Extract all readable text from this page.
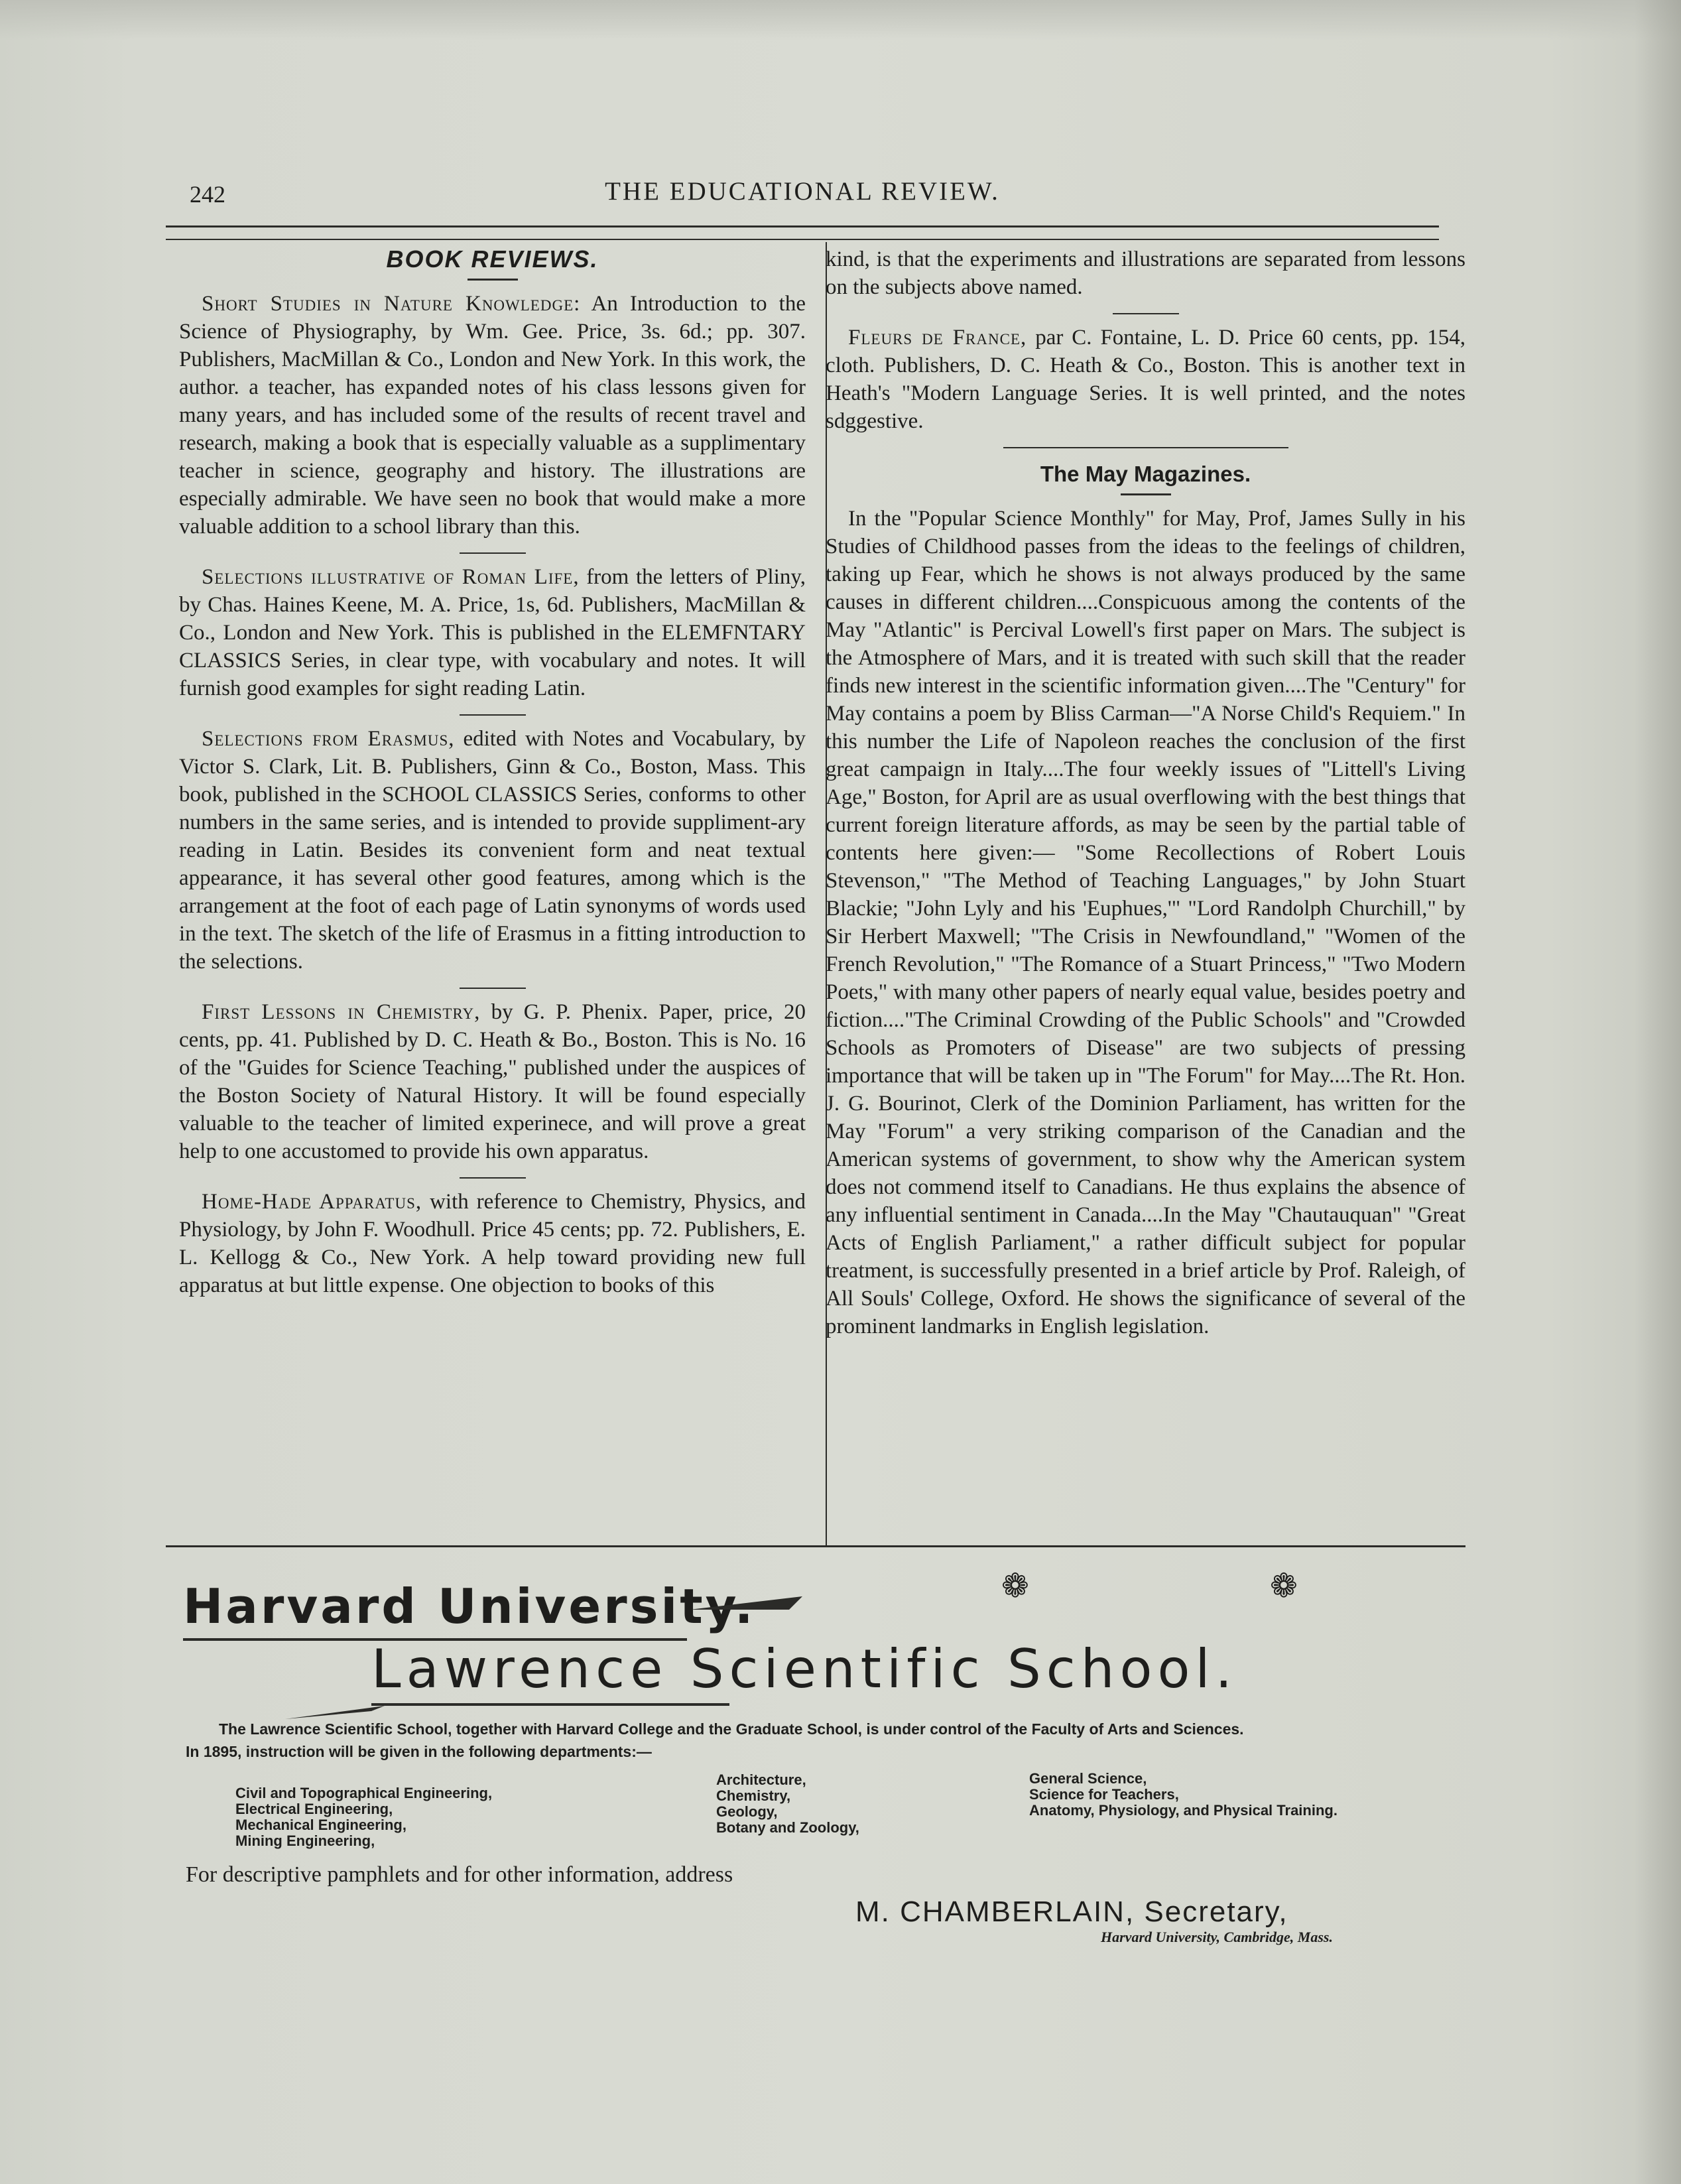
242	THE EDUCATIONAL REVIEW.
BOOK REVIEWS.

Short Studies in Nature Knowledge: An Introduction to the Science of Physiography, by Wm. Gee. Price, 3s. 6d.; pp. 307. Publishers, MacMillan & Co., London and New York. In this work, the author. a teacher, has expanded notes of his class lessons given for many years, and has included some of the results of recent travel and research, making a book that is especially valuable as a supplimentary teacher in science, geography and history. The illustrations are especially admirable. We have seen no book that would make a more valuable addition to a school library than this.

Selections illustrative of Roman Life, from the letters of Pliny, by Chas. Haines Keene, M. A. Price, 1s, 6d. Publishers, MacMillan & Co., London and New York. This is published in the ELEMFNTARY CLASSICS Series, in clear type, with vocabulary and notes. It will furnish good examples for sight reading Latin.

Selections from Erasmus, edited with Notes and Vocabulary, by Victor S. Clark, Lit. B. Publishers, Ginn & Co., Boston, Mass. This book, published in the SCHOOL CLASSICS Series, conforms to other numbers in the same series, and is intended to provide suppliment-ary reading in Latin. Besides its convenient form and neat textual appearance, it has several other good features, among which is the arrangement at the foot of each page of Latin synonyms of words used in the text. The sketch of the life of Erasmus in a fitting introduction to the selections.

First Lessons in Chemistry, by G. P. Phenix. Paper, price, 20 cents, pp. 41. Published by D. C. Heath & Bo., Boston. This is No. 16 of the "Guides for Science Teaching," published under the auspices of the Boston Society of Natural History. It will be found especially valuable to the teacher of limited experinece, and will prove a great help to one accustomed to provide his own apparatus.

Home-Hade Apparatus, with reference to Chemistry, Physics, and Physiology, by John F. Woodhull. Price 45 cents; pp. 72. Publishers, E. L. Kellogg & Co., New York. A help toward providing new full apparatus at but little expense. One objection to books of this

kind, is that the experiments and illustrations are separated from lessons on the subjects above named.

Fleurs de France, par C. Fontaine, L. D. Price 60 cents, pp. 154, cloth. Publishers, D. C. Heath & Co., Boston. This is another text in Heath's "Modern Language Series. It is well printed, and the notes sdggestive.

The May Magazines.

In the "Popular Science Monthly" for May, Prof, James Sully in his Studies of Childhood passes from the ideas to the feelings of children, taking up Fear, which he shows is not always produced by the same causes in different children....Conspicuous among the contents of the May "Atlantic" is Percival Lowell's first paper on Mars. The subject is the Atmosphere of Mars, and it is treated with such skill that the reader finds new interest in the scientific information given....The "Century" for May contains a poem by Bliss Carman—"A Norse Child's Requiem." In this number the Life of Napoleon reaches the conclusion of the first great campaign in Italy....The four weekly issues of "Littell's Living Age," Boston, for April are as usual overflowing with the best things that current foreign literature affords, as may be seen by the partial table of contents here given:— "Some Recollections of Robert Louis Stevenson," "The Method of Teaching Languages," by John Stuart Blackie; "John Lyly and his 'Euphues,'" "Lord Randolph Churchill," by Sir Herbert Maxwell; "The Crisis in Newfoundland," "Women of the French Revolution," "The Romance of a Stuart Princess," "Two Modern Poets," with many other papers of nearly equal value, besides poetry and fiction...."The Criminal Crowding of the Public Schools" and "Crowded Schools as Promoters of Disease" are two subjects of pressing importance that will be taken up in "The Forum" for May....The Rt. Hon. J. G. Bourinot, Clerk of the Dominion Parliament, has written for the May "Forum" a very striking comparison of the Canadian and the American systems of government, to show why the American system does not commend itself to Canadians. He thus explains the absence of any influential sentiment in Canada....In the May "Chautauquan" "Great Acts of English Parliament," a rather difficult subject for popular treatment, is successfully presented in a brief article by Prof. Raleigh, of All Souls' College, Oxford. He shows the significance of several of the prominent landmarks in English legislation.

Harvard University.	❁	❁
Lawrence Scientific School.
The Lawrence Scientific School, together with Harvard College and the Graduate School, is under control of the Faculty of Arts and Sciences.
In 1895, instruction will be given in the following departments:—
Civil and Topographical Engineering,
Electrical Engineering,
Mechanical Engineering,
Mining Engineering,
Architecture,
Chemistry,
Geology,
Botany and Zoology,
General Science,
Science for Teachers,
Anatomy, Physiology, and Physical Training.
For descriptive pamphlets and for other information, address
M. CHAMBERLAIN, Secretary,
Harvard University, Cambridge, Mass.
